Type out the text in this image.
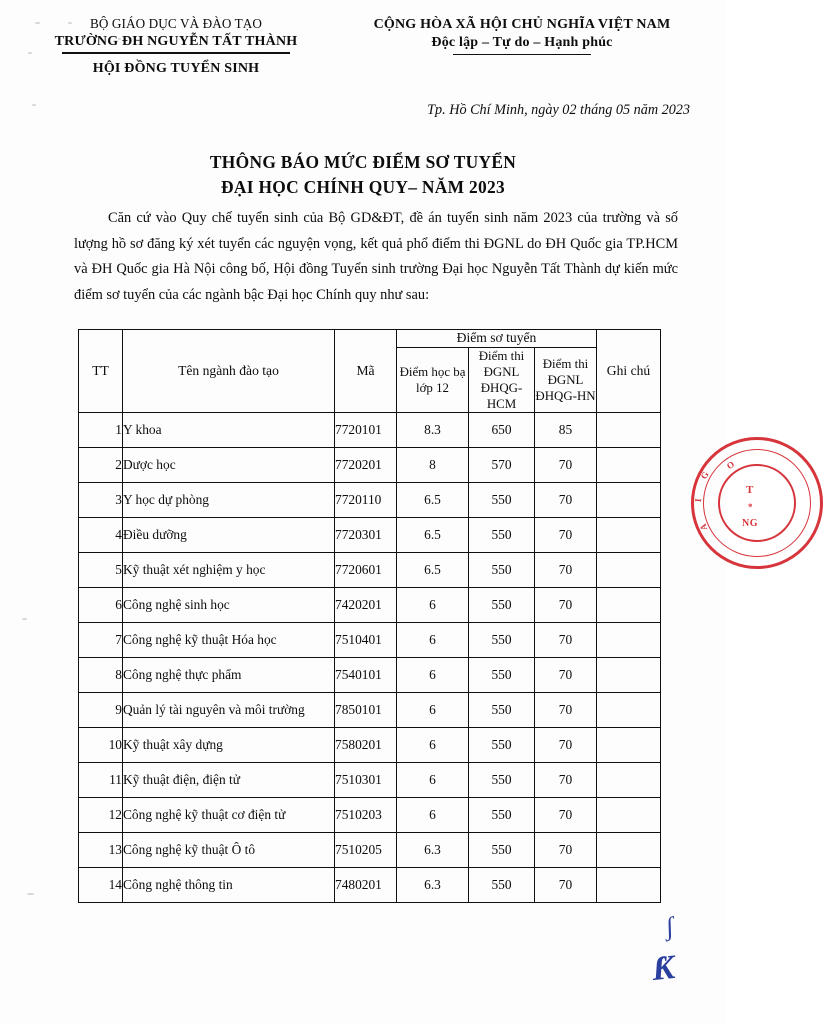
BỘ GIÁO DỤC VÀ ĐÀO TẠO
TRƯỜNG ĐH NGUYỄN TẤT THÀNH
HỘI ĐỒNG TUYỂN SINH
CỘNG HÒA XÃ HỘI CHỦ NGHĨA VIỆT NAM
Độc lập – Tự do – Hạnh phúc
Tp. Hồ Chí Minh, ngày 02 tháng 05 năm 2023
THÔNG BÁO MỨC ĐIỂM SƠ TUYỂN
ĐẠI HỌC CHÍNH QUY– NĂM 2023
Căn cứ vào Quy chế tuyển sinh của Bộ GD&ĐT, đề án tuyển sinh năm 2023 của trường và số lượng hồ sơ đăng ký xét tuyển các nguyện vọng, kết quả phổ điểm thi ĐGNL do ĐH Quốc gia TP.HCM và ĐH Quốc gia Hà Nội công bố, Hội đồng Tuyển sinh trường Đại học Nguyễn Tất Thành dự kiến mức điểm sơ tuyển của các ngành bậc Đại học Chính quy như sau:
TT	Tên ngành đào tạo	Mã	Điểm sơ tuyển			Ghi chú
			Điểm học bạ lớp 12	Điểm thi ĐGNL ĐHQG-HCM	Điểm thi ĐGNL ĐHQG-HN	
1	Y khoa	7720101	8.3	650	85	
2	Dược học	7720201	8	570	70	
3	Y học dự phòng	7720110	6.5	550	70	
4	Điều dưỡng	7720301	6.5	550	70	
5	Kỹ thuật xét nghiệm y học	7720601	6.5	550	70	
6	Công nghệ sinh học	7420201	6	550	70	
7	Công nghệ kỹ thuật Hóa học	7510401	6	550	70	
8	Công nghệ thực phẩm	7540101	6	550	70	
9	Quản lý tài nguyên và môi trường	7850101	6	550	70	
10	Kỹ thuật xây dựng	7580201	6	550	70	
11	Kỹ thuật điện, điện tử	7510301	6	550	70	
12	Công nghệ kỹ thuật cơ điện tử	7510203	6	550	70	
13	Công nghệ kỹ thuật Ô tô	7510205	6.3	550	70	
14	Công nghệ thông tin	7480201	6.3	550	70	
G
I
A
O
T
*
NG
ʃ
Ƙ
